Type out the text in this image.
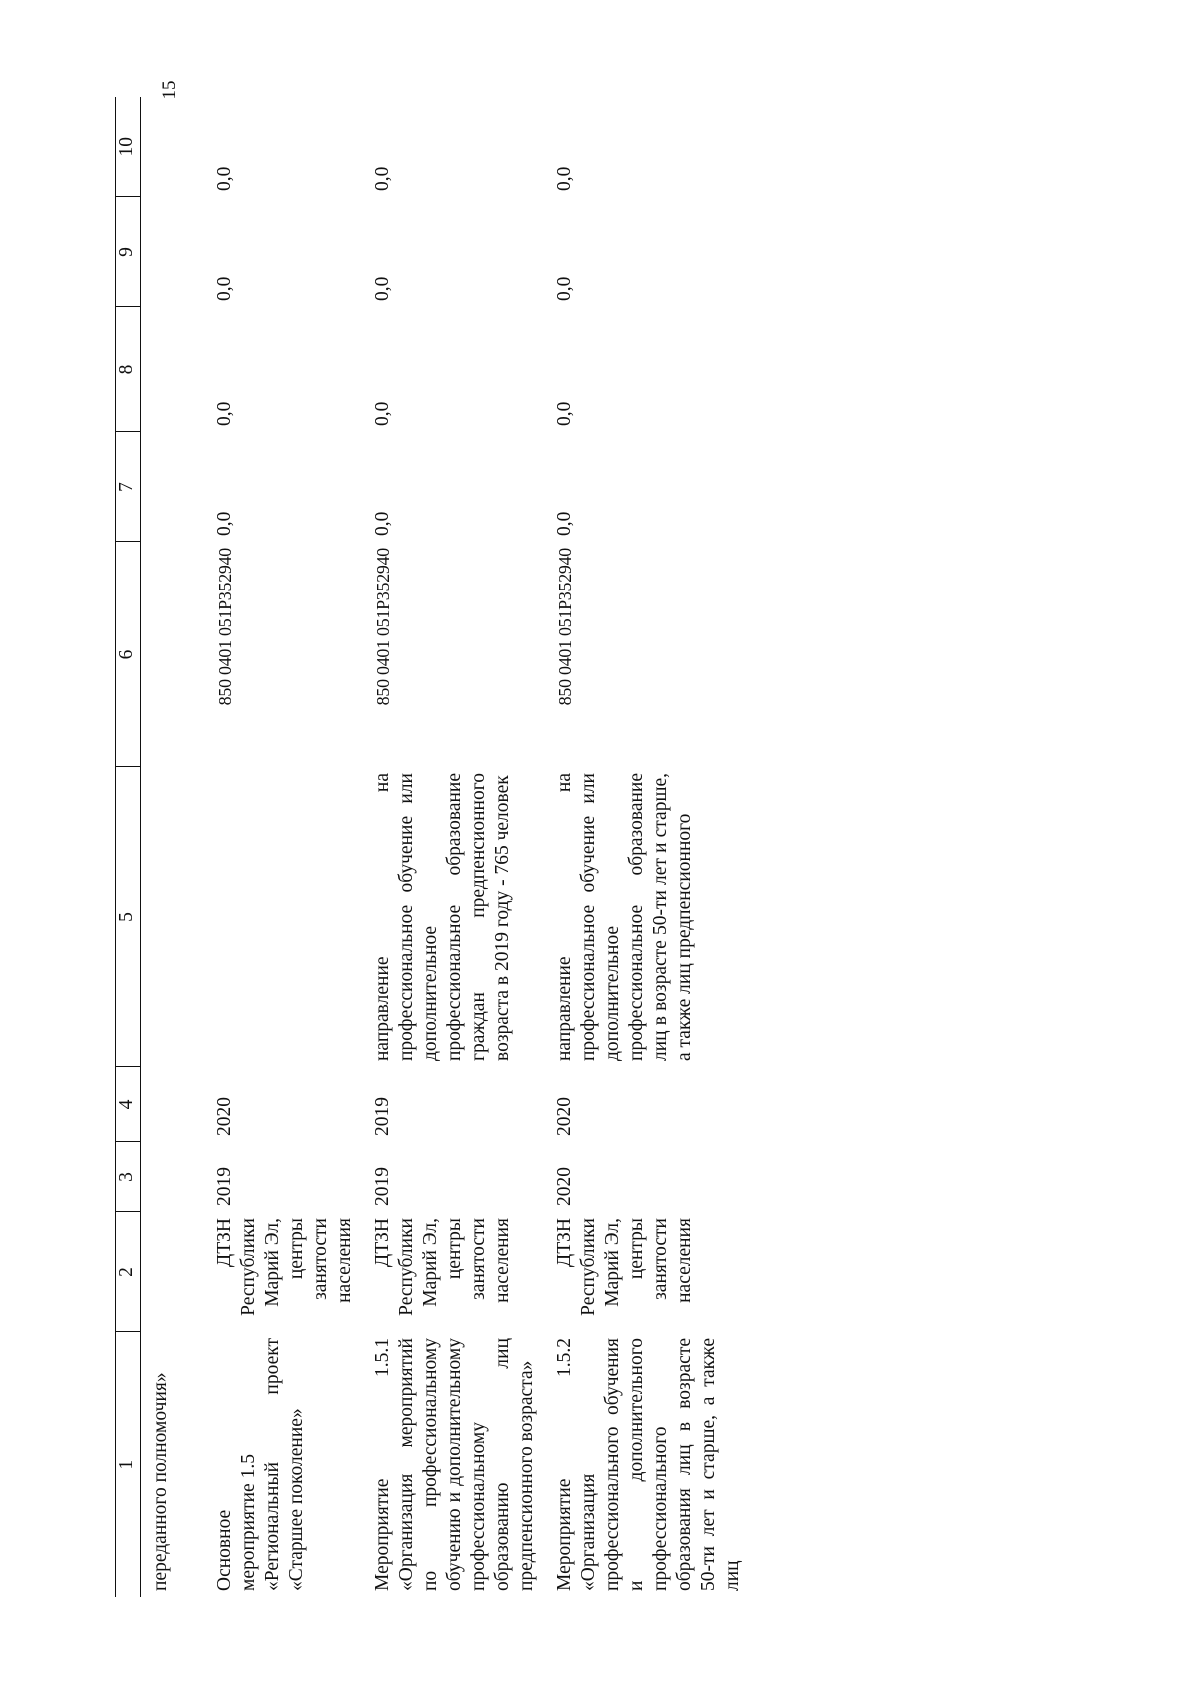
15
1	2	3	4	5	6	7	8	9	10
переданного полномочия»									

Основное мероприятие 1.5 «Региональный
проект
«Старшее поколение»	ДТЗН Республики Марий Эл, центры занятости населения	2019	2020		850 0401 051P352940	0,0	0,0	0,0	0,0
Мероприятие 1.5.1 «Организация мероприятий по профессиональному обучению и дополнительному профессиональному образованию лиц предпенсионного возраста»	ДТЗН Республики Марий Эл, центры занятости населения	2019	2019	направление на профессиональное обучение или дополнительное профессиональное образование граждан предпенсионного возраста в 2019 году - 765 человек	850 0401 051P352940	0,0	0,0	0,0	0,0
Мероприятие 1.5.2 «Организация профессионального обучения и дополнительного профессионального образования лиц в возрасте 50-ти лет и старше, а также лиц	ДТЗН Республики Марий Эл, центры занятости населения	2020	2020	направление на профессиональное обучение или дополнительное профессиональное образование лиц в возрасте 50-ти лет и старше, а также лиц предпенсионного	850 0401 051P352940	0,0	0,0	0,0	0,0
